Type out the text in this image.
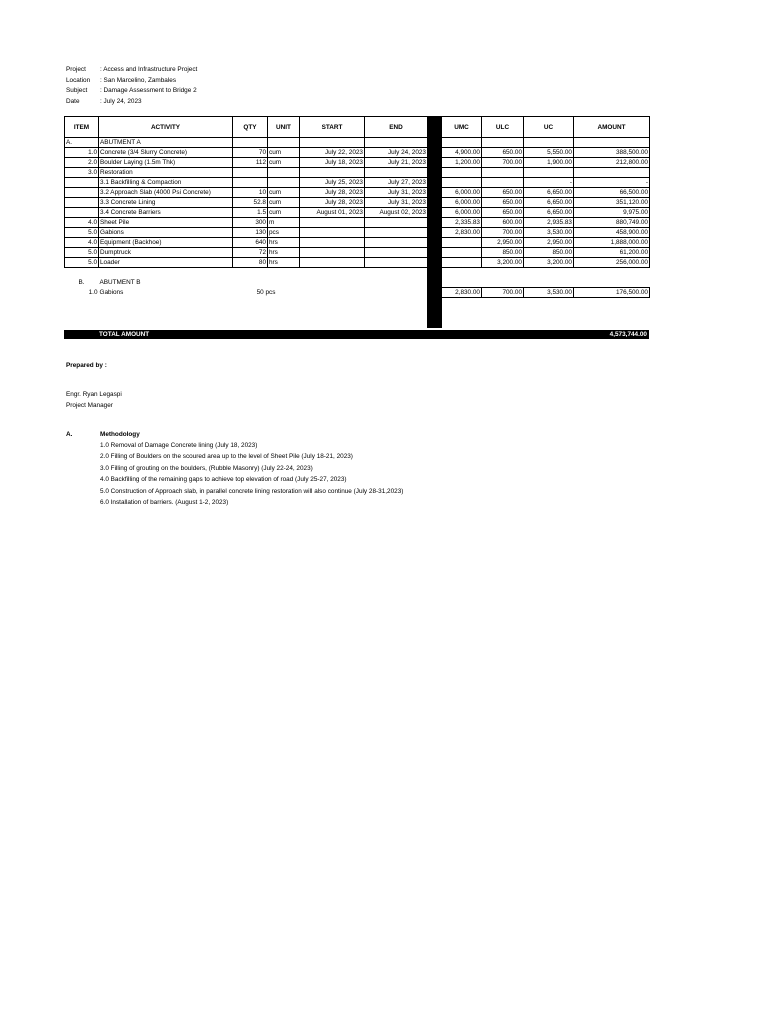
Project : Access and Infrastructure Project
Location : San Marcelino, Zambales
Subject : Damage Assessment to Bridge 2
Date	: July 24, 2023
ITEM	ACTIVITY	QTY	UNIT	START	END		UMC	ULC	UC	AMOUNT
A.	ABUTMENT A									
1.0	Concrete (3/4 Slurry Concrete)	70	cum	July 22, 2023	July 24, 2023		4,900.00	650.00	5,550.00	388,500.00
2.0	Boulder Laying (1.5m Thk)	112	cum	July 18, 2023	July 21, 2023		1,200.00	700.00	1,900.00	212,800.00
3.0	Restoration									
	3.1 Backfilling & Compaction			July 25, 2023	July 27, 2023				-	-
	3.2 Approach Slab (4000 Psi Concrete)	10	cum	July 28, 2023	July 31, 2023		6,000.00	650.00	6,650.00	66,500.00
	3.3 Concrete Lining	52.8	cum	July 28, 2023	July 31, 2023		6,000.00	650.00	6,650.00	351,120.00
	3.4 Concrete Barriers	1.5	cum	August 01, 2023	August 02, 2023		6,000.00	650.00	6,650.00	9,975.00
4.0	Sheet Pile	300	m				2,335.83	600.00	2,935.83	880,749.00
5.0	Gabions	130	pcs				2,830.00	700.00	3,530.00	458,900.00
4.0	Equipment (Backhoe)	640	hrs					2,950.00	2,950.00	1,888,000.00
5.0	Dumptruck	72	hrs					850.00	850.00	61,200.00
5.0	Loader	80	hrs					3,200.00	3,200.00	256,000.00

B.	ABUTMENT B									
1.0	Gabions	50 pcs					2,830.00	700.00	3,530.00	176,500.00

TOTAL AMOUNT	4,573,744.00
Prepared by :
Engr. Ryan Legaspi
Project Manager
A.	Methodology
1.0 Removal of Damage Concrete lining (July 18, 2023)
2.0 Filling of Boulders on the scoured area up to the level of Sheet Pile (July 18-21, 2023)
3.0 Filling of grouting on the boulders, (Rubble Masonry) (July 22-24, 2023)
4.0 Backfilling of the remaining gaps to achieve top elevation of road (July 25-27, 2023)
5.0 Construction of Approach slab, in parallel concrete lining restoration will also continue (July 28-31,2023)
6.0 Installation of barriers. (August 1-2, 2023)
